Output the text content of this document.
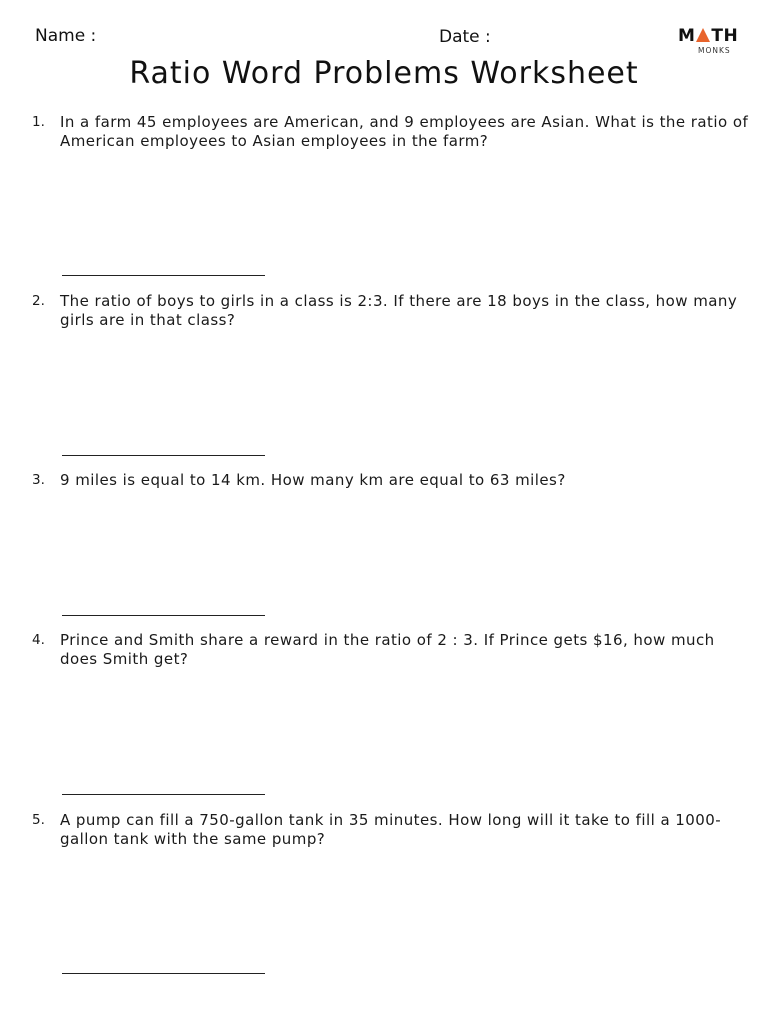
Name :	Date :	M TH
MONKS
Ratio Word Problems Worksheet
1. In a farm 45 employees are American, and 9 employees are Asian. What is the ratio of American employees to Asian employees in the farm?
2. The ratio of boys to girls in a class is 2:3. If there are 18 boys in the class, how many girls are in that class?
3. 9 miles is equal to 14 km. How many km are equal to 63 miles?
4. Prince and Smith share a reward in the ratio of 2 : 3. If Prince gets $16, how much does Smith get?
5. A pump can fill a 750-gallon tank in 35 minutes. How long will it take to fill a 1000-gallon tank with the same pump?
